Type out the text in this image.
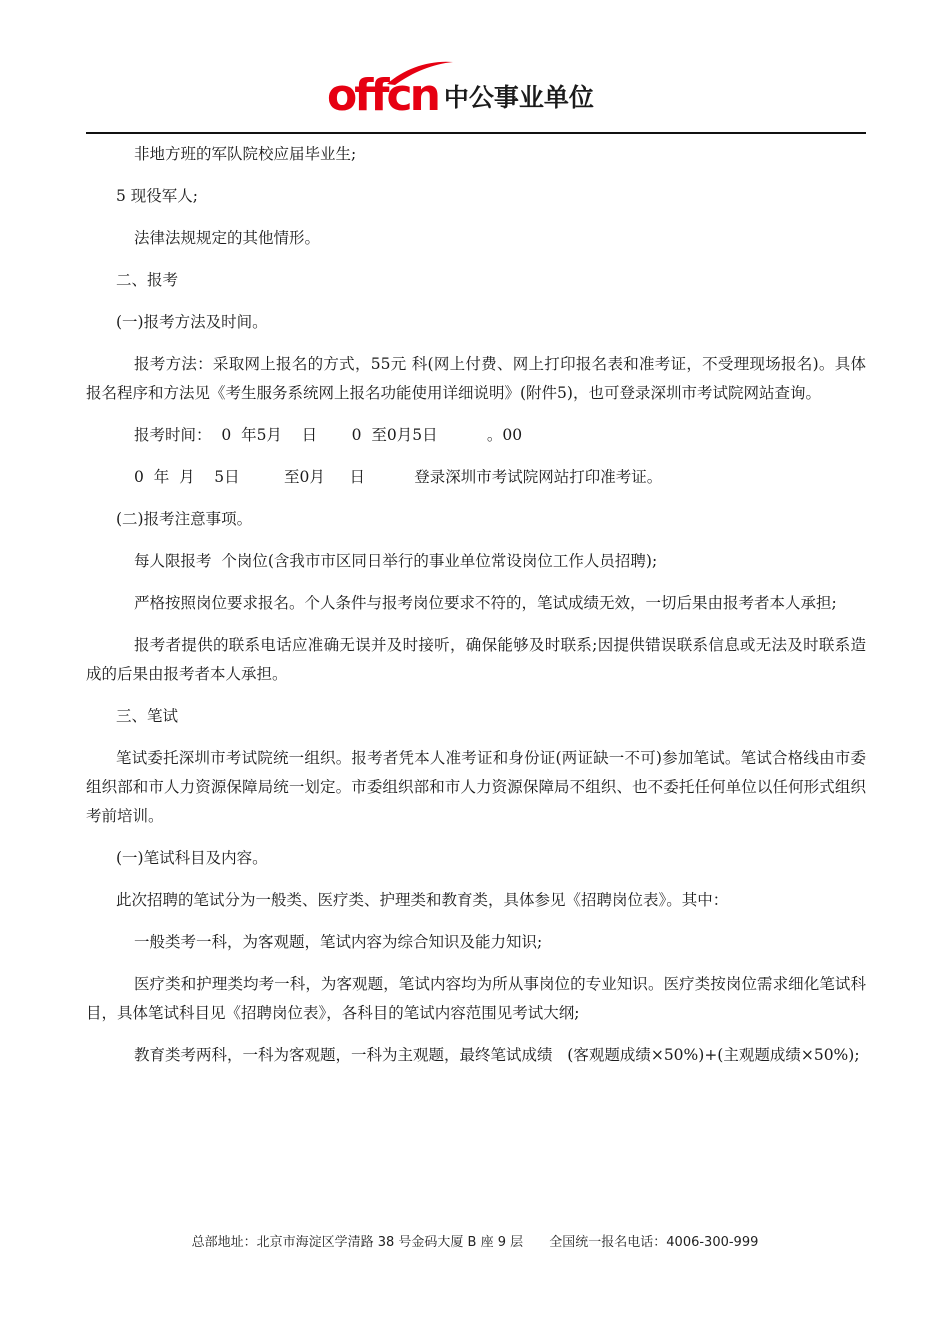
offcn 中公事业单位

非地方班的军队院校应届毕业生;

5 现役军人;

法律法规规定的其他情形。

二、报考

(一)报考方法及时间。

报考方法：采取网上报名的方式，55元 科(网上付费、网上打印报名表和准考证，不受理现场报名)。具体报名程序和方法见《考生服务系统网上报名功能使用详细说明》(附件5)，也可登录深圳市考试院网站查询。

报考时间：  0  年5月    日       0  至0月5日          。00

0  年  月    5日         至0月     日          登录深圳市考试院网站打印准考证。

(二)报考注意事项。

每人限报考  个岗位(含我市市区同日举行的事业单位常设岗位工作人员招聘);

严格按照岗位要求报名。个人条件与报考岗位要求不符的，笔试成绩无效，一切后果由报考者本人承担;

报考者提供的联系电话应准确无误并及时接听，确保能够及时联系;因提供错误联系信息或无法及时联系造成的后果由报考者本人承担。

三、笔试

笔试委托深圳市考试院统一组织。报考者凭本人准考证和身份证(两证缺一不可)参加笔试。笔试合格线由市委组织部和市人力资源保障局统一划定。市委组织部和市人力资源保障局不组织、也不委托任何单位以任何形式组织考前培训。

(一)笔试科目及内容。

此次招聘的笔试分为一般类、医疗类、护理类和教育类，具体参见《招聘岗位表》。其中：

一般类考一科，为客观题，笔试内容为综合知识及能力知识;

医疗类和护理类均考一科，为客观题，笔试内容均为所从事岗位的专业知识。医疗类按岗位需求细化笔试科目，具体笔试科目见《招聘岗位表》，各科目的笔试内容范围见考试大纲;

教育类考两科，一科为客观题，一科为主观题，最终笔试成绩   (客观题成绩×50%)+(主观题成绩×50%);

总部地址：北京市海淀区学清路 38 号金码大厦 B 座 9 层 全国统一报名电话：4006-300-999
